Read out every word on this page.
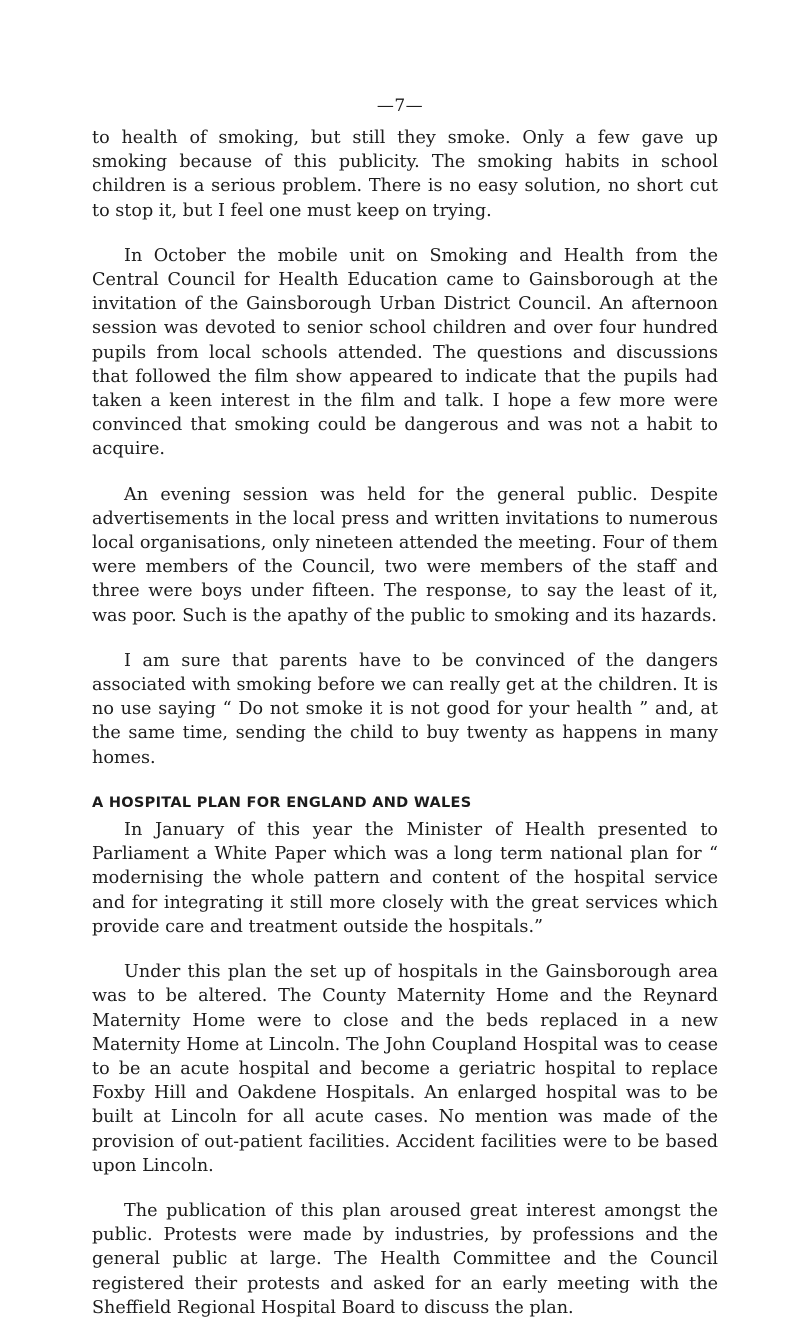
—7—

to health of smoking, but still they smoke. Only a few gave up smoking because of this publicity. The smoking habits in school children is a serious problem. There is no easy solution, no short cut to stop it, but I feel one must keep on trying.

In October the mobile unit on Smoking and Health from the Central Council for Health Education came to Gainsborough at the invitation of the Gainsborough Urban District Council. An afternoon session was devoted to senior school children and over four hundred pupils from local schools attended. The questions and discussions that followed the film show appeared to indicate that the pupils had taken a keen interest in the film and talk. I hope a few more were convinced that smoking could be dangerous and was not a habit to acquire.

An evening session was held for the general public. Despite advertisements in the local press and written invitations to numerous local organisations, only nineteen attended the meeting. Four of them were members of the Council, two were members of the staff and three were boys under fifteen. The response, to say the least of it, was poor. Such is the apathy of the public to smoking and its hazards.

I am sure that parents have to be convinced of the dangers associated with smoking before we can really get at the children. It is no use saying “ Do not smoke it is not good for your health ” and, at the same time, sending the child to buy twenty as happens in many homes.

A HOSPITAL PLAN FOR ENGLAND AND WALES

In January of this year the Minister of Health presented to Parliament a White Paper which was a long term national plan for “ modernising the whole pattern and content of the hospital service and for integrating it still more closely with the great services which provide care and treatment outside the hospitals.”

Under this plan the set up of hospitals in the Gainsborough area was to be altered. The County Maternity Home and the Reynard Maternity Home were to close and the beds replaced in a new Maternity Home at Lincoln. The John Coupland Hospital was to cease to be an acute hospital and become a geriatric hospital to replace Foxby Hill and Oakdene Hospitals. An enlarged hospital was to be built at Lincoln for all acute cases. No mention was made of the provision of out-patient facilities. Accident facilities were to be based upon Lincoln.

The publication of this plan aroused great interest amongst the public. Protests were made by industries, by professions and the general public at large. The Health Committee and the Council registered their protests and asked for an early meeting with the Sheffield Regional Hospital Board to discuss the plan.
